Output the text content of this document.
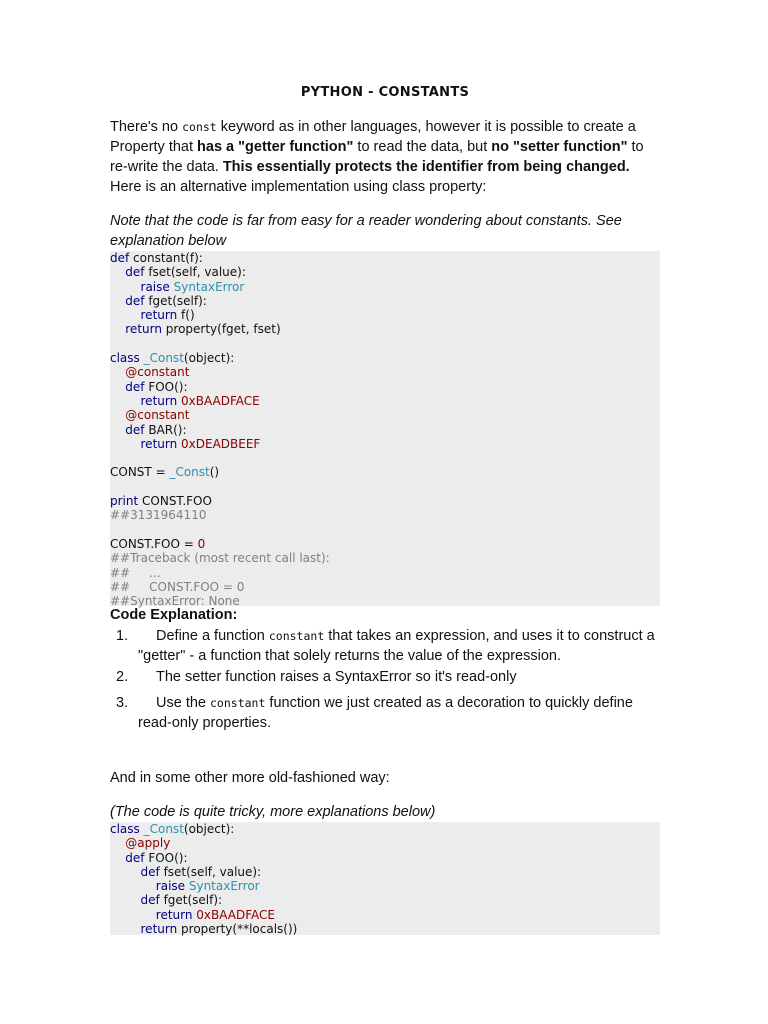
PYTHON - CONSTANTS
There's no const keyword as in other languages, however it is possible to create a Property that has a "getter function" to read the data, but no "setter function" to re-write the data. This essentially protects the identifier from being changed. Here is an alternative implementation using class property:
Note that the code is far from easy for a reader wondering about constants. See explanation below
def constant(f):
def fset(self, value):
raise SyntaxError
def fget(self):
return f()
return property(fget, fset)
class _Const(object):
@constant
def FOO():
return 0xBAADFACE
@constant
def BAR():
return 0xDEADBEEF
CONST = _Const()
print CONST.FOO
##3131964110
CONST.FOO = 0
##Traceback (most recent call last):
##     ...
##     CONST.FOO = 0
##SyntaxError: None
Code Explanation:
1.	Define a function constant that takes an expression, and uses it to construct a "getter" - a function that solely returns the value of the expression.
2.	The setter function raises a SyntaxError so it's read-only
3.	Use the constant function we just created as a decoration to quickly define read-only properties.
And in some other more old-fashioned way:
(The code is quite tricky, more explanations below)
class _Const(object):
@apply
def FOO():
def fset(self, value):
raise SyntaxError
def fget(self):
return 0xBAADFACE
return property(**locals())
